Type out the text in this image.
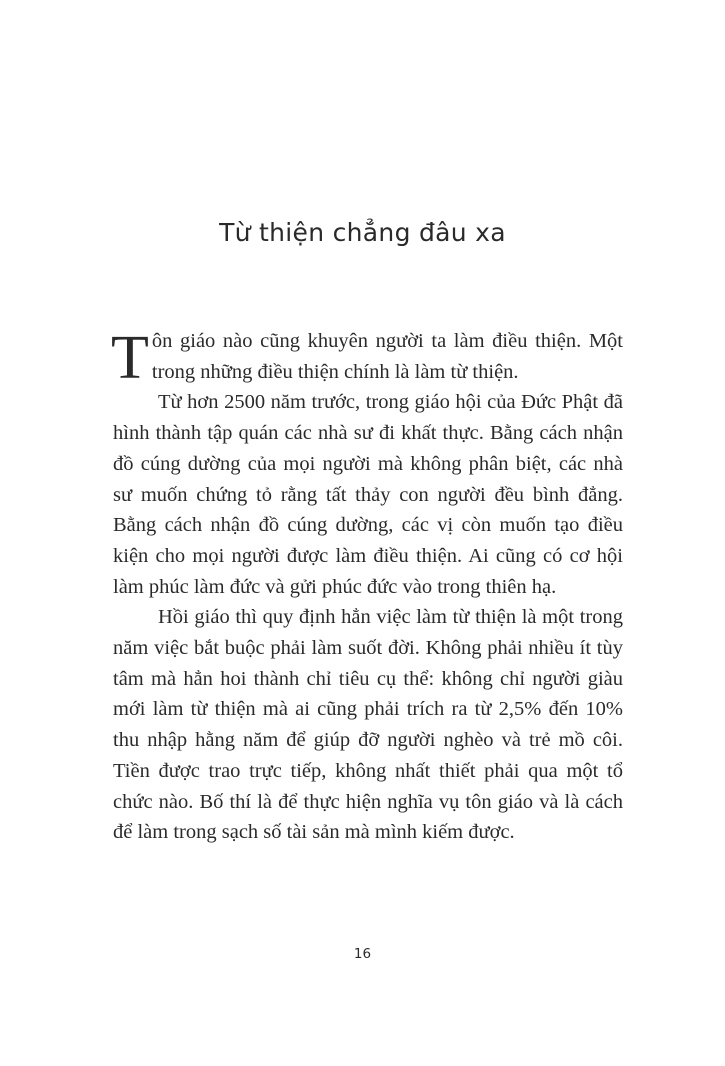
Từ thiện chẳng đâu xa

Tôn giáo nào cũng khuyên người ta làm điều thiện. Một trong những điều thiện chính là làm từ thiện.

Từ hơn 2500 năm trước, trong giáo hội của Đức Phật đã hình thành tập quán các nhà sư đi khất thực. Bằng cách nhận đồ cúng dường của mọi người mà không phân biệt, các nhà sư muốn chứng tỏ rằng tất thảy con người đều bình đẳng. Bằng cách nhận đồ cúng dường, các vị còn muốn tạo điều kiện cho mọi người được làm điều thiện. Ai cũng có cơ hội làm phúc làm đức và gửi phúc đức vào trong thiên hạ.

Hồi giáo thì quy định hẳn việc làm từ thiện là một trong năm việc bắt buộc phải làm suốt đời. Không phải nhiều ít tùy tâm mà hẳn hoi thành chỉ tiêu cụ thể: không chỉ người giàu mới làm từ thiện mà ai cũng phải trích ra từ 2,5% đến 10% thu nhập hằng năm để giúp đỡ người nghèo và trẻ mồ côi. Tiền được trao trực tiếp, không nhất thiết phải qua một tổ chức nào. Bố thí là để thực hiện nghĩa vụ tôn giáo và là cách để làm trong sạch số tài sản mà mình kiếm được.

16
